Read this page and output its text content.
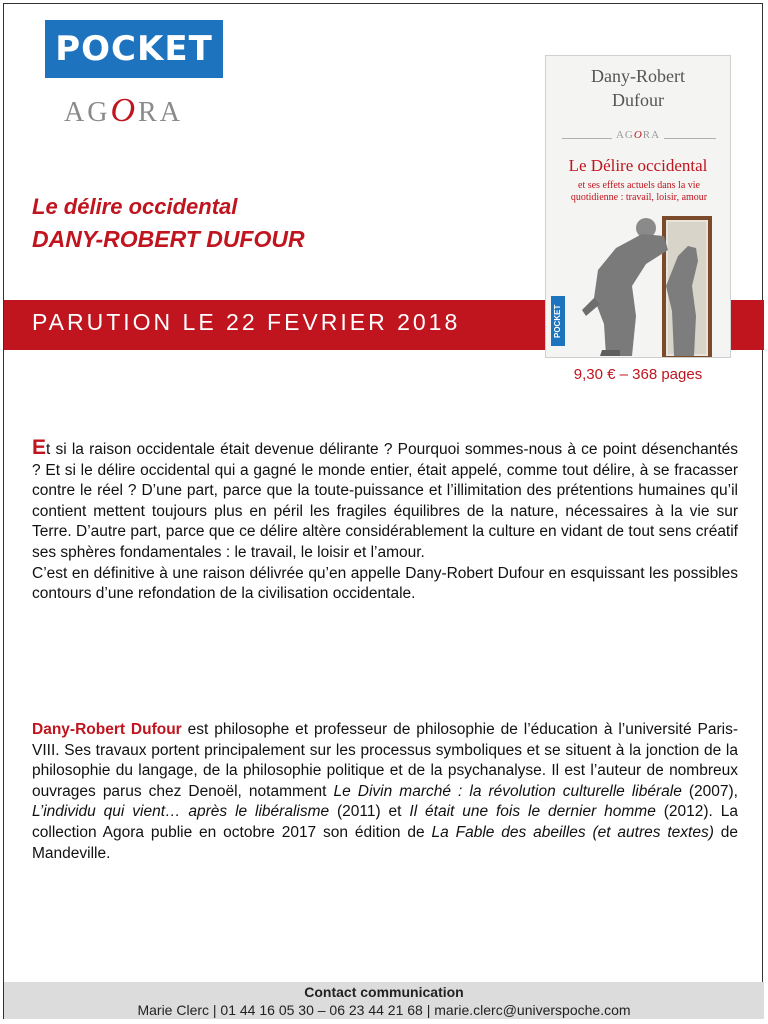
POCKET
AGORA
Le délire occidental
DANY-ROBERT DUFOUR
PARUTION LE 22 FEVRIER 2018
Dany-Robert
Dufour
AGORA
Le Délire occidental
et ses effets actuels dans la vie quotidienne : travail, loisir, amour
POCKET
9,30 € – 368 pages

Et si la raison occidentale était devenue délirante ? Pourquoi sommes-nous à ce point désenchantés ? Et si le délire occidental qui a gagné le monde entier, était appelé, comme tout délire, à se fracasser contre le réel ? D’une part, parce que la toute-puissance et l’illimitation des prétentions humaines qu’il contient mettent toujours plus en péril les fragiles équilibres de la nature, nécessaires à la vie sur Terre. D’autre part, parce que ce délire altère considérablement la culture en vidant de tout sens créatif ses sphères fondamentales : le travail, le loisir et l’amour.

C’est en définitive à une raison délivrée qu’en appelle Dany-Robert Dufour en esquissant les possibles contours d’une refondation de la civilisation occidentale.

Dany-Robert Dufour est philosophe et professeur de philosophie de l’éducation à l’université Paris-VIII. Ses travaux portent principalement sur les processus symboliques et se situent à la jonction de la philosophie du langage, de la philosophie politique et de la psychanalyse. Il est l’auteur de nombreux ouvrages parus chez Denoël, notamment Le Divin marché : la révolution culturelle libérale (2007), L’individu qui vient… après le libéralisme (2011) et Il était une fois le dernier homme (2012). La collection Agora publie en octobre 2017 son édition de La Fable des abeilles (et autres textes) de Mandeville.

Contact communication
Marie Clerc | 01 44 16 05 30 – 06 23 44 21 68 | marie.clerc@universpoche.com
